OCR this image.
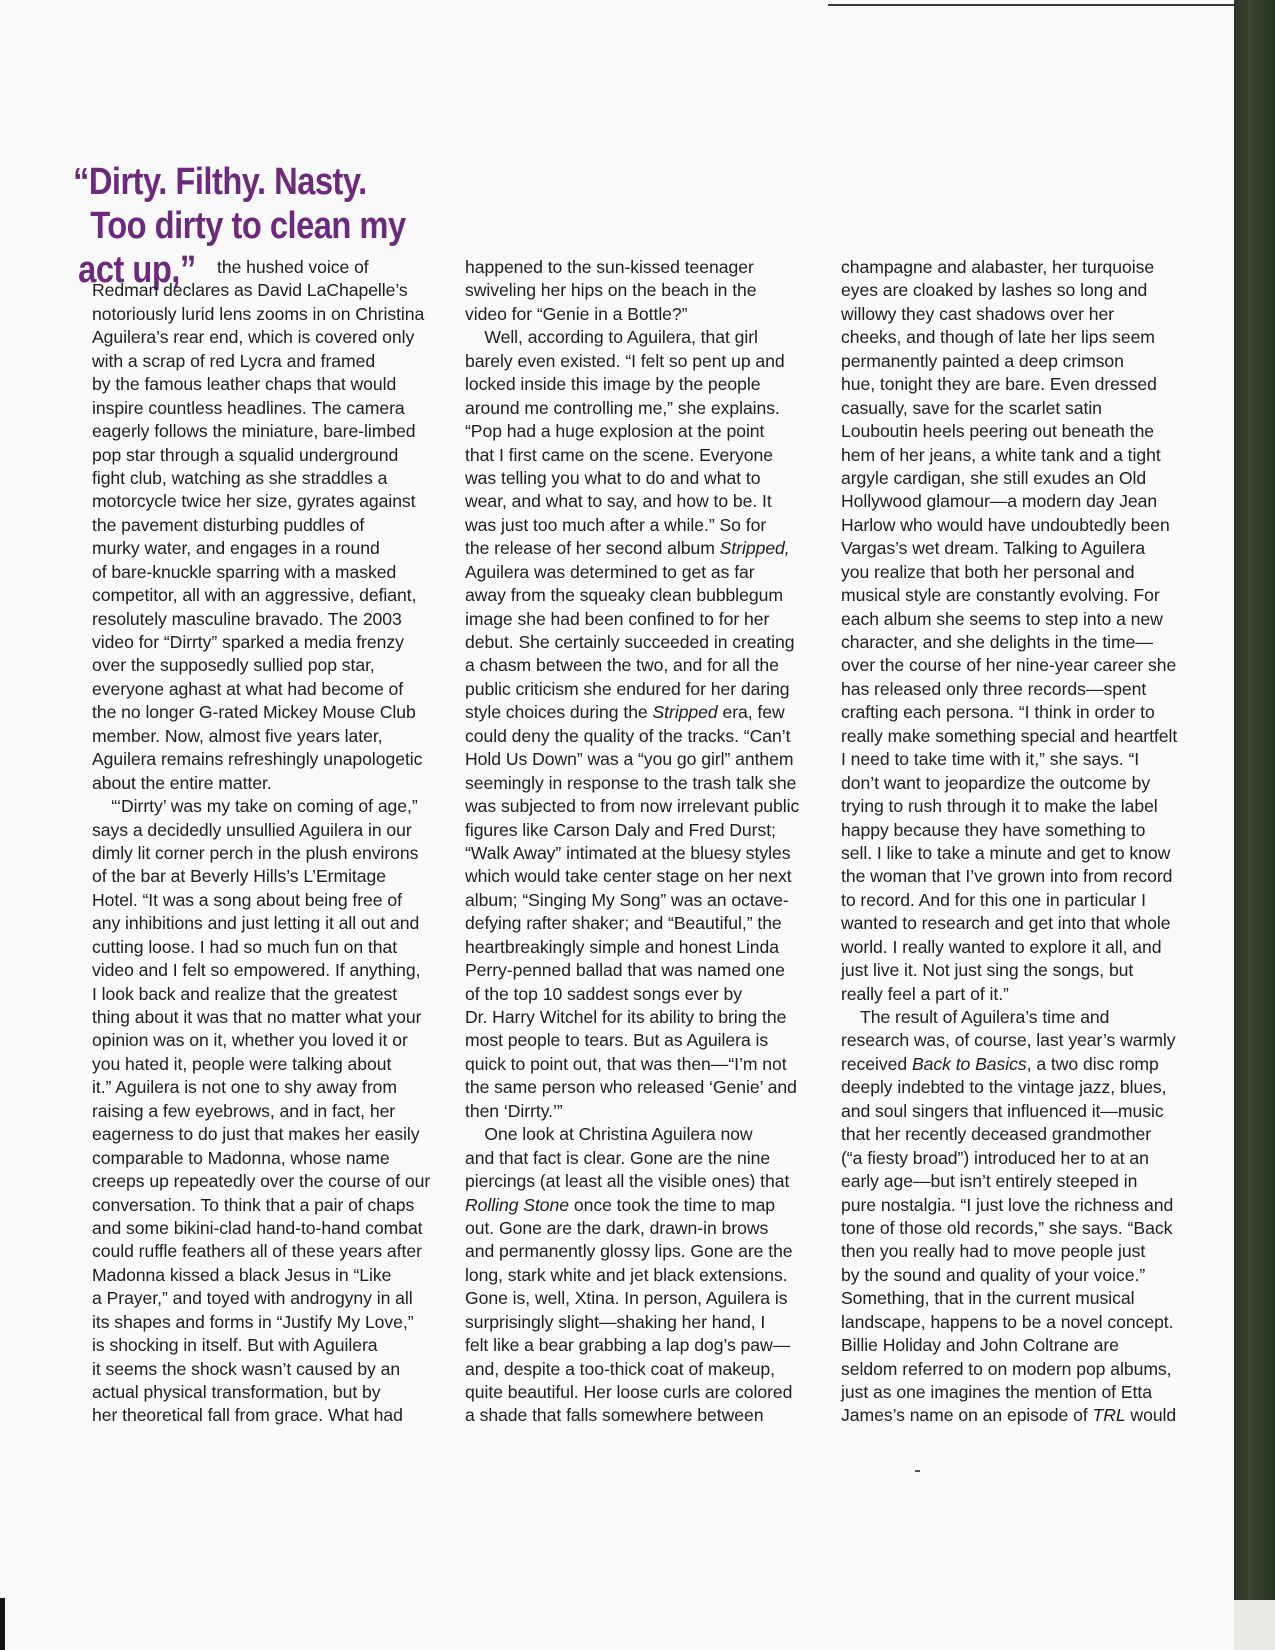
“Dirty. Filthy. Nasty.
Too dirty to clean my
act up,”	the hushed voice of
Redman declares as David LaChapelle’s
notoriously lurid lens zooms in on Christina
Aguilera’s rear end, which is covered only
with a scrap of red Lycra and framed
by the famous leather chaps that would
inspire countless headlines. The camera
eagerly follows the miniature, bare-limbed
pop star through a squalid underground
fight club, watching as she straddles a
motorcycle twice her size, gyrates against
the pavement disturbing puddles of
murky water, and engages in a round
of bare-knuckle sparring with a masked
competitor, all with an aggressive, defiant,
resolutely masculine bravado. The 2003
video for “Dirrty” sparked a media frenzy
over the supposedly sullied pop star,
everyone aghast at what had become of
the no longer G-rated Mickey Mouse Club
member. Now, almost five years later,
Aguilera remains refreshingly unapologetic
about the entire matter.
“‘Dirrty’ was my take on coming of age,”
says a decidedly unsullied Aguilera in our
dimly lit corner perch in the plush environs
of the bar at Beverly Hills’s L’Ermitage
Hotel. “It was a song about being free of
any inhibitions and just letting it all out and
cutting loose. I had so much fun on that
video and I felt so empowered. If anything,
I look back and realize that the greatest
thing about it was that no matter what your
opinion was on it, whether you loved it or
you hated it, people were talking about
it.” Aguilera is not one to shy away from
raising a few eyebrows, and in fact, her
eagerness to do just that makes her easily
comparable to Madonna, whose name
creeps up repeatedly over the course of our
conversation. To think that a pair of chaps
and some bikini-clad hand-to-hand combat
could ruffle feathers all of these years after
Madonna kissed a black Jesus in “Like
a Prayer,” and toyed with androgyny in all
its shapes and forms in “Justify My Love,”
is shocking in itself. But with Aguilera
it seems the shock wasn’t caused by an
actual physical transformation, but by
her theoretical fall from grace. What had
happened to the sun-kissed teenager
swiveling her hips on the beach in the
video for “Genie in a Bottle?”
Well, according to Aguilera, that girl
barely even existed. “I felt so pent up and
locked inside this image by the people
around me controlling me,” she explains.
“Pop had a huge explosion at the point
that I first came on the scene. Everyone
was telling you what to do and what to
wear, and what to say, and how to be. It
was just too much after a while.” So for
the release of her second album Stripped,
Aguilera was determined to get as far
away from the squeaky clean bubblegum
image she had been confined to for her
debut. She certainly succeeded in creating
a chasm between the two, and for all the
public criticism she endured for her daring
style choices during the Stripped era, few
could deny the quality of the tracks. “Can’t
Hold Us Down” was a “you go girl” anthem
seemingly in response to the trash talk she
was subjected to from now irrelevant public
figures like Carson Daly and Fred Durst;
“Walk Away” intimated at the bluesy styles
which would take center stage on her next
album; “Singing My Song” was an octave-
defying rafter shaker; and “Beautiful,” the
heartbreakingly simple and honest Linda
Perry-penned ballad that was named one
of the top 10 saddest songs ever by
Dr. Harry Witchel for its ability to bring the
most people to tears. But as Aguilera is
quick to point out, that was then—“I’m not
the same person who released ‘Genie’ and
then ‘Dirrty.’”
One look at Christina Aguilera now
and that fact is clear. Gone are the nine
piercings (at least all the visible ones) that
Rolling Stone once took the time to map
out. Gone are the dark, drawn-in brows
and permanently glossy lips. Gone are the
long, stark white and jet black extensions.
Gone is, well, Xtina. In person, Aguilera is
surprisingly slight—shaking her hand, I
felt like a bear grabbing a lap dog’s paw—
and, despite a too-thick coat of makeup,
quite beautiful. Her loose curls are colored
a shade that falls somewhere between
champagne and alabaster, her turquoise
eyes are cloaked by lashes so long and
willowy they cast shadows over her
cheeks, and though of late her lips seem
permanently painted a deep crimson
hue, tonight they are bare. Even dressed
casually, save for the scarlet satin
Louboutin heels peering out beneath the
hem of her jeans, a white tank and a tight
argyle cardigan, she still exudes an Old
Hollywood glamour—a modern day Jean
Harlow who would have undoubtedly been
Vargas’s wet dream. Talking to Aguilera
you realize that both her personal and
musical style are constantly evolving. For
each album she seems to step into a new
character, and she delights in the time—
over the course of her nine-year career she
has released only three records—spent
crafting each persona. “I think in order to
really make something special and heartfelt
I need to take time with it,” she says. “I
don’t want to jeopardize the outcome by
trying to rush through it to make the label
happy because they have something to
sell. I like to take a minute and get to know
the woman that I’ve grown into from record
to record. And for this one in particular I
wanted to research and get into that whole
world. I really wanted to explore it all, and
just live it. Not just sing the songs, but
really feel a part of it.”
The result of Aguilera’s time and
research was, of course, last year’s warmly
received Back to Basics, a two disc romp
deeply indebted to the vintage jazz, blues,
and soul singers that influenced it—music
that her recently deceased grandmother
(“a fiesty broad”) introduced her to at an
early age—but isn’t entirely steeped in
pure nostalgia. “I just love the richness and
tone of those old records,” she says. “Back
then you really had to move people just
by the sound and quality of your voice.”
Something, that in the current musical
landscape, happens to be a novel concept.
Billie Holiday and John Coltrane are
seldom referred to on modern pop albums,
just as one imagines the mention of Etta
James’s name on an episode of TRL would
